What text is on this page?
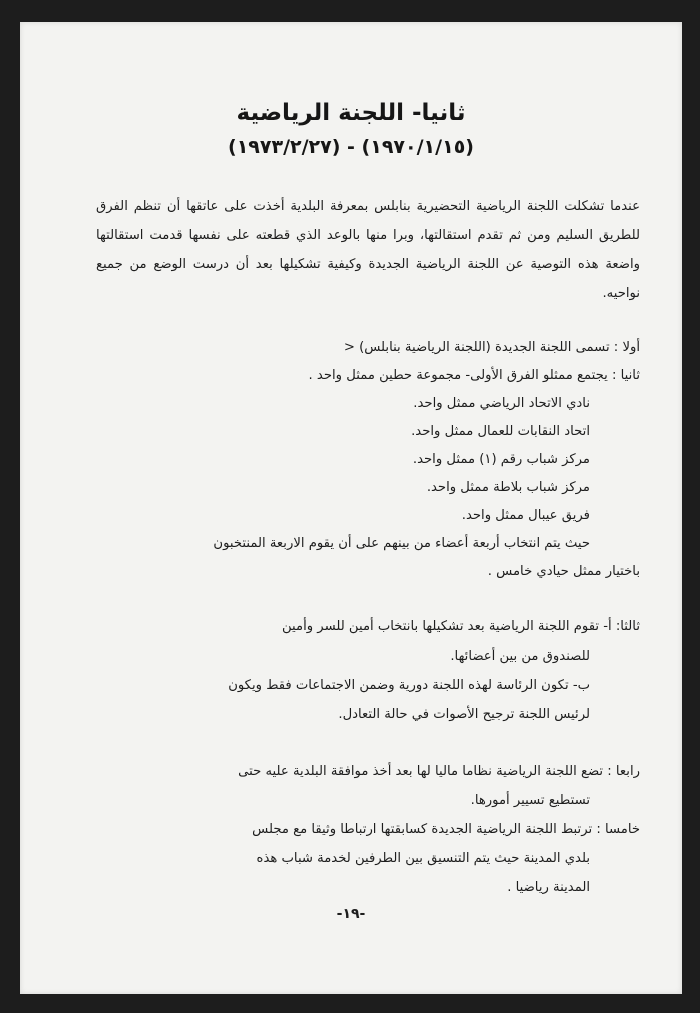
ثانيا- اللجنة الرياضية
(١٩٧٠/١/١٥) - (١٩٧٣/٢/٢٧)
عندما تشكلت اللجنة الرياضية التحضيرية بنابلس بمعرفة البلدية أخذت على عاتقها أن تنظم الفرق للطريق السليم ومن ثم تقدم استقالتها، وبرا منها بالوعد الذي قطعته على نفسها قدمت استقالتها واضعة هذه التوصية عن اللجنة الرياضية الجديدة وكيفية تشكيلها بعد أن درست الوضع من جميع نواحيه.
أولا : تسمى اللجنة الجديدة (اللجنة الرياضية بنابلس) <
ثانيا : يجتمع ممثلو الفرق الأولى- مجموعة حطين ممثل واحد .
نادي الاتحاد الرياضي ممثل واحد.
اتحاد النقابات للعمال ممثل واحد.
مركز شباب رقم (١) ممثل واحد.
مركز شباب بلاطة ممثل واحد.
فريق عيبال ممثل واحد.
حيث يتم انتخاب أربعة أعضاء من بينهم على أن يقوم الاربعة المنتخبون
باختيار ممثل حيادي خامس .
ثالثا: أ- تقوم اللجنة الرياضية بعد تشكيلها بانتخاب أمين للسر وأمين
للصندوق من بين أعضائها.
ب- تكون الرئاسة لهذه اللجنة دورية وضمن الاجتماعات فقط ويكون
لرئيس اللجنة ترجيح الأصوات في حالة التعادل.
رابعا : تضع اللجنة الرياضية نظاما ماليا لها بعد أخذ موافقة البلدية عليه حتى
تستطيع تسيير أمورها.
خامسا : ترتبط اللجنة الرياضية الجديدة كسابقتها ارتباطا وثيقا مع مجلس
بلدي المدينة حيث يتم التنسيق بين الطرفين لخدمة شباب هذه
المدينة رياضيا .
-١٩-
